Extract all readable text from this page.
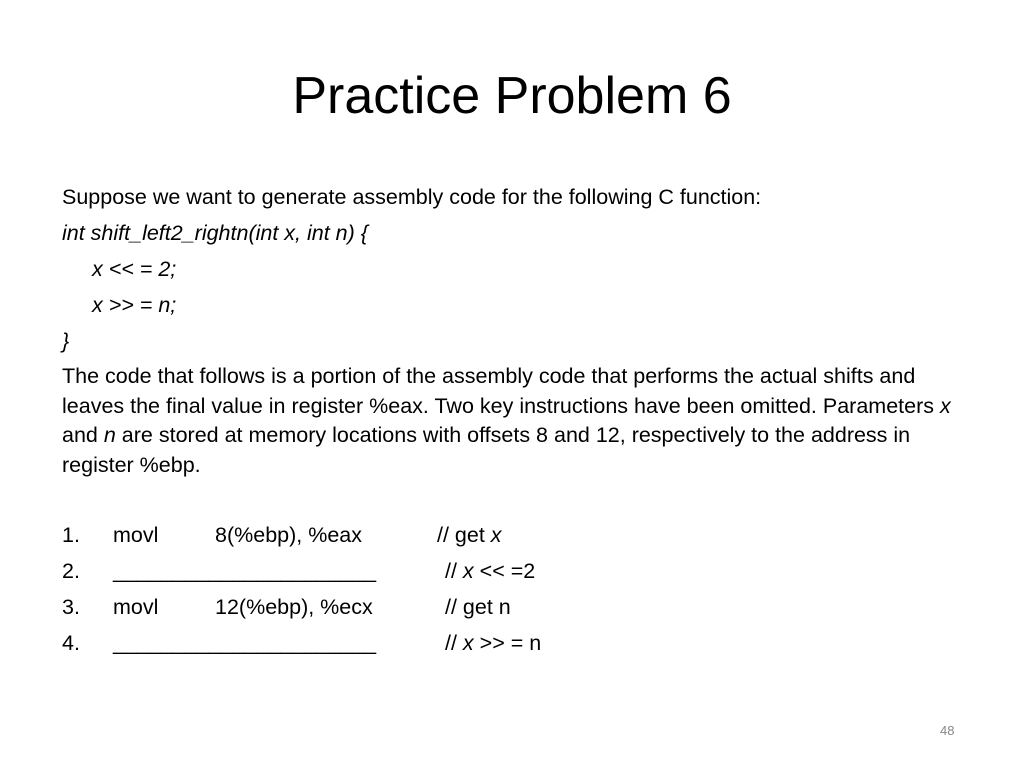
Practice Problem 6
Suppose we want to generate assembly code for the following C function:
int shift_left2_rightn(int x, int n) {
x << = 2;
x >> = n;
}
The code that follows is a portion of the assembly code that performs the actual shifts and leaves the final value in register %eax. Two key instructions have been omitted. Parameters x and n are stored at memory locations with offsets 8 and 12, respectively to the address in register %ebp.
1. movl	8(%ebp), %eax	// get x
2. ______________________	// x << =2
3. movl	12(%ebp), %ecx	// get n
4. ______________________	// x >> = n
48
